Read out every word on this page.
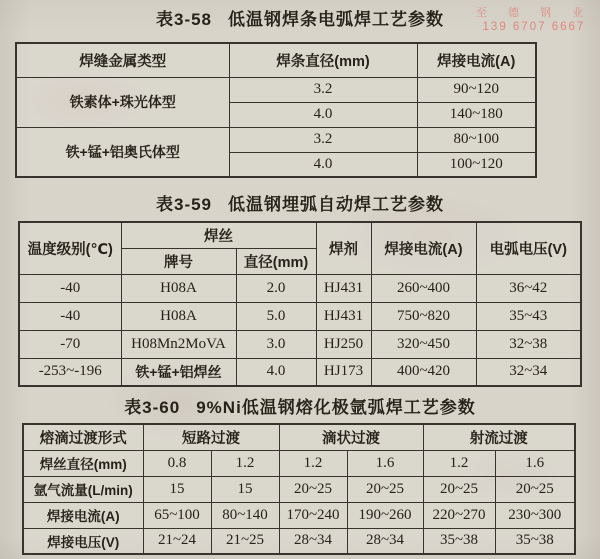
至 德 钢 业
139 6707 6667
表3-58 低温钢焊条电弧焊工艺参数
焊缝金属类型	焊条直径(mm)	焊接电流(A)
铁素体+珠光体型	3.2	90~120
	4.0	140~180
铁+锰+铝奥氏体型	3.2	80~100
	4.0	100~120
表3-59 低温钢埋弧自动焊工艺参数
温度级别(℃)	焊丝		焊剂	焊接电流(A)	电弧电压(V)
	牌号	直径(mm)			
-40	H08A	2.0	HJ431	260~400	36~42
-40	H08A	5.0	HJ431	750~820	35~43
-70	H08Mn2MoVA	3.0	HJ250	320~450	32~38
-253~-196	铁+锰+铝焊丝	4.0	HJ173	400~420	32~34
表3-60 9%Ni低温钢熔化极氩弧焊工艺参数
熔滴过渡形式	短路过渡		滴状过渡		射流过渡	
焊丝直径(mm)	0.8	1.2	1.2	1.6	1.2	1.6
氩气流量(L/min)	15	15	20~25	20~25	20~25	20~25
焊接电流(A)	65~100	80~140	170~240	190~260	220~270	230~300
焊接电压(V)	21~24	21~25	28~34	28~34	35~38	35~38
